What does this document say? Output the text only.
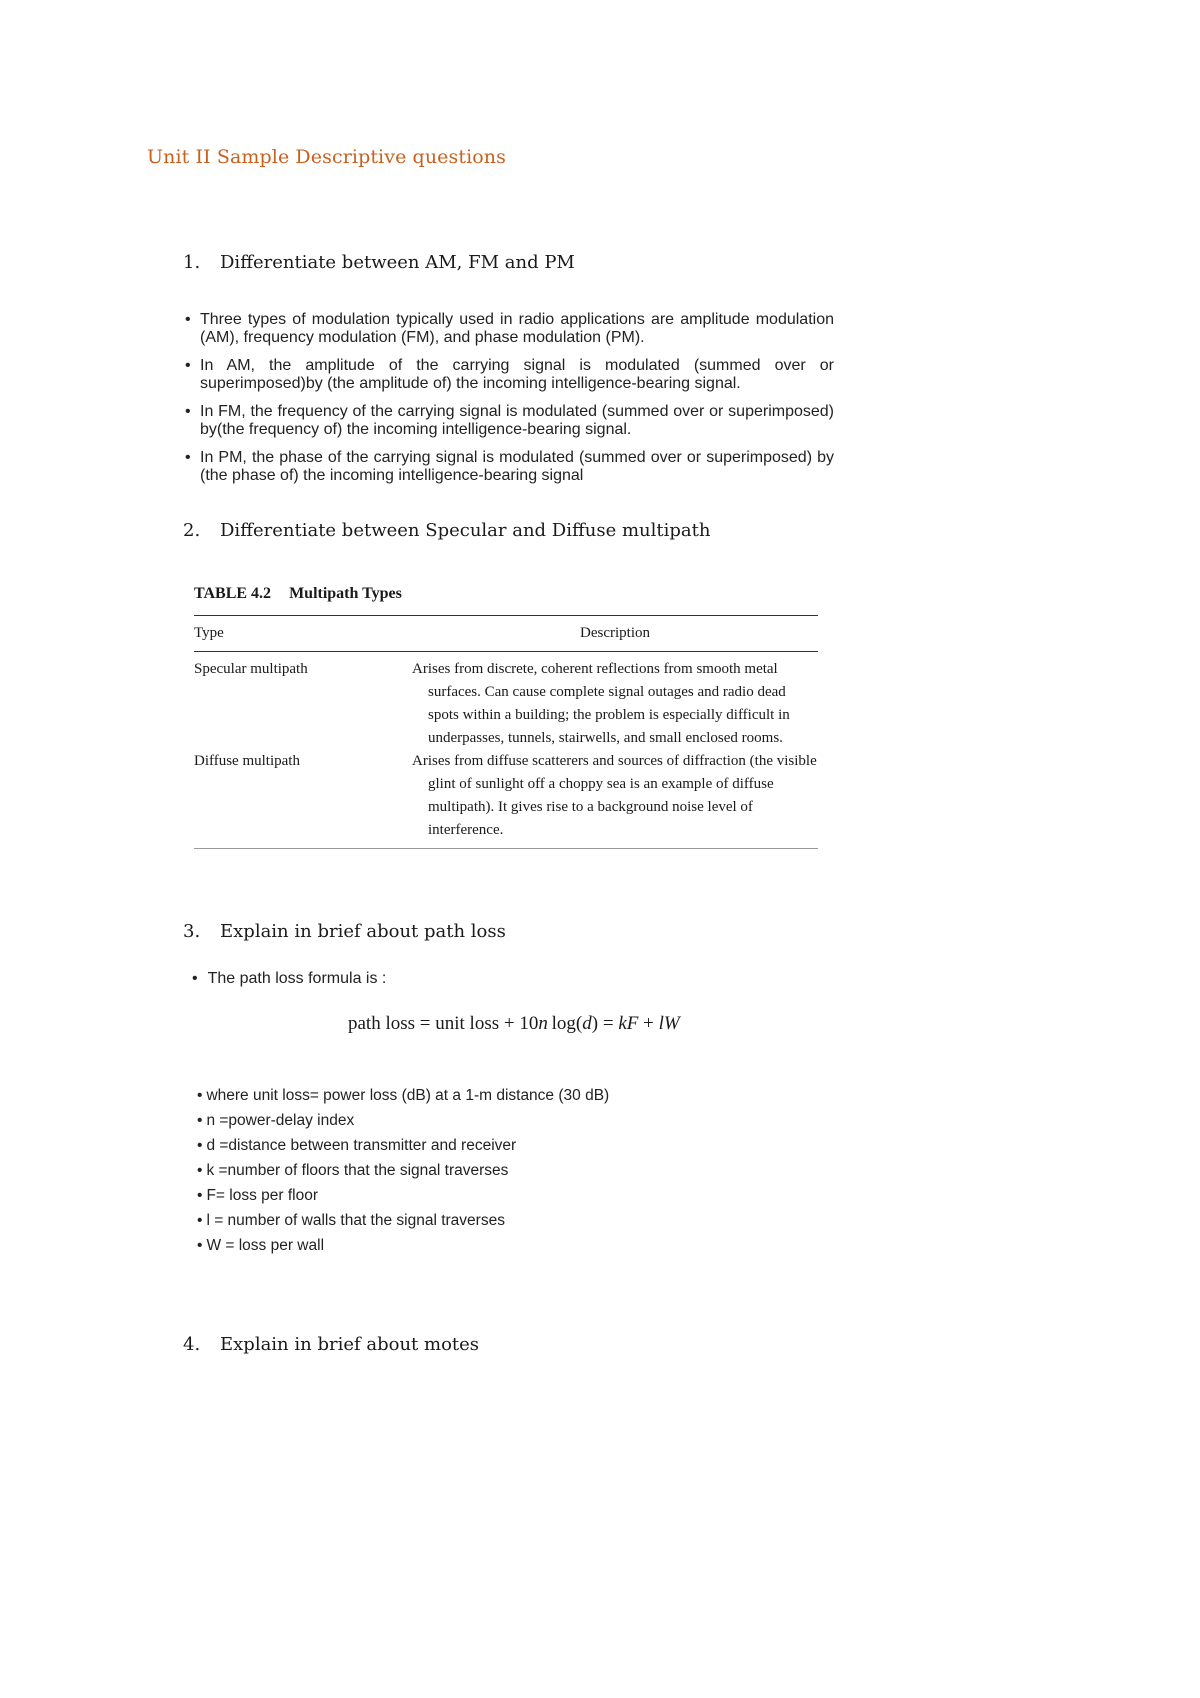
Unit II Sample Descriptive questions
1. Differentiate between AM, FM and PM
• Three types of modulation typically used in radio applications are amplitude modulation (AM), frequency modulation (FM), and phase modulation (PM).
• In AM, the amplitude of the carrying signal is modulated (summed over or superimposed)by (the amplitude of) the incoming intelligence-bearing signal.
• In FM, the frequency of the carrying signal is modulated (summed over or superimposed) by(the frequency of) the incoming intelligence-bearing signal.
• In PM, the phase of the carrying signal is modulated (summed over or superimposed) by (the phase of) the incoming intelligence-bearing signal
2. Differentiate between Specular and Diffuse multipath
TABLE 4.2 Multipath Types
Type	Description
Specular multipath	Arises from discrete, coherent reflections from smooth metal surfaces. Can cause complete signal outages and radio dead spots within a building; the problem is especially difficult in underpasses, tunnels, stairwells, and small enclosed rooms.
Diffuse multipath	Arises from diffuse scatterers and sources of diffraction (the visible glint of sunlight off a choppy sea is an example of diffuse multipath). It gives rise to a background noise level of interference.
3. Explain in brief about path loss
• The path loss formula is :
path loss = unit loss + 10n  log(d) = kF + lW
• where unit loss= power loss (dB) at a 1-m distance (30 dB)
• n =power-delay index
• d =distance between transmitter and receiver
• k =number of floors that the signal traverses
• F= loss per floor
• l = number of walls that the signal traverses
• W = loss per wall
4. Explain in brief about motes
